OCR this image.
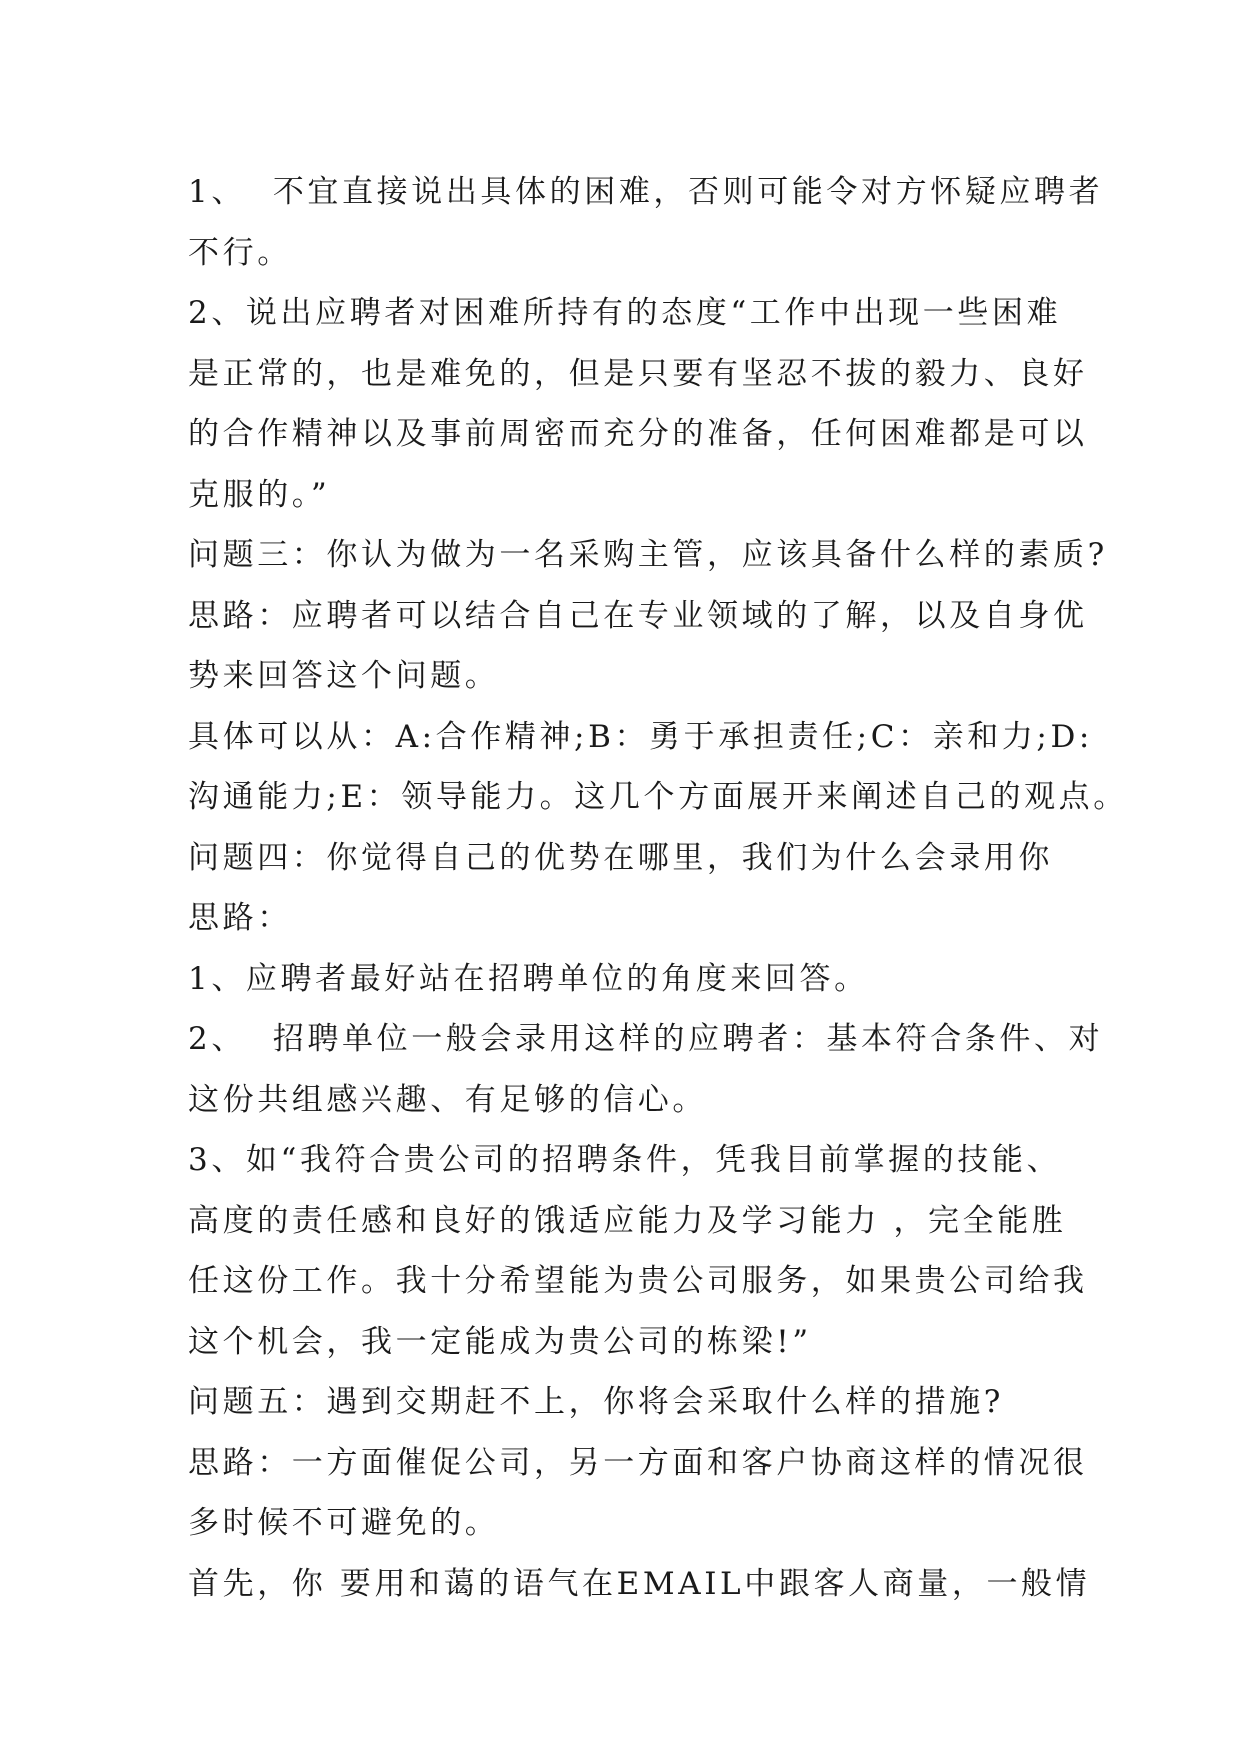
1、  不宜直接说出具体的困难，否则可能令对方怀疑应聘者
不行。
2、说出应聘者对困难所持有的态度“工作中出现一些困难
是正常的，也是难免的，但是只要有坚忍不拔的毅力、良好
的合作精神以及事前周密而充分的准备，任何困难都是可以
克服的。”
问题三：你认为做为一名采购主管，应该具备什么样的素质?
思路：应聘者可以结合自己在专业领域的了解，以及自身优
势来回答这个问题。
具体可以从：A:合作精神;B：勇于承担责任;C：亲和力;D:
沟通能力;E：领导能力。这几个方面展开来阐述自己的观点。
问题四：你觉得自己的优势在哪里，我们为什么会录用你
思路：
1、应聘者最好站在招聘单位的角度来回答。
2、  招聘单位一般会录用这样的应聘者：基本符合条件、对
这份共组感兴趣、有足够的信心。
3、如“我符合贵公司的招聘条件，凭我目前掌握的技能、
高度的责任感和良好的饿适应能力及学习能力 ，完全能胜
任这份工作。我十分希望能为贵公司服务，如果贵公司给我
这个机会，我一定能成为贵公司的栋梁!”
问题五：遇到交期赶不上，你将会采取什么样的措施?
思路：一方面催促公司，另一方面和客户协商这样的情况很
多时候不可避免的。
首先，你 要用和蔼的语气在EMAIL中跟客人商量，一般情
